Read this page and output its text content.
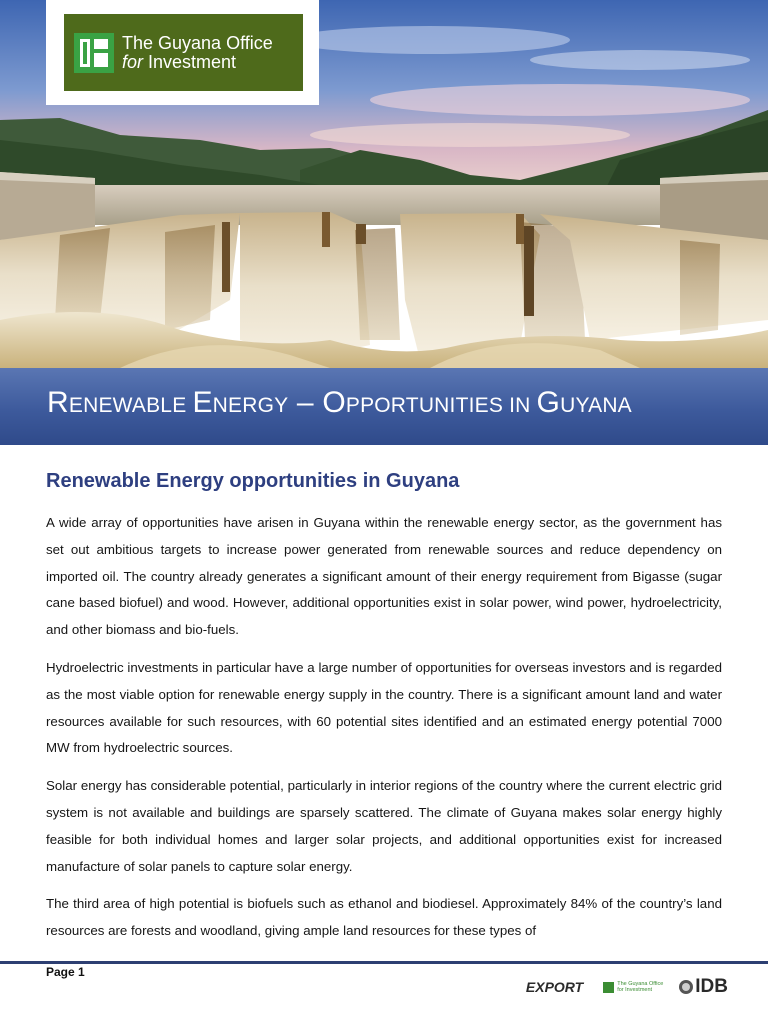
The Guyana Office
for Investment
RENEWABLE ENERGY – OPPORTUNITIES IN GUYANA
Renewable Energy opportunities in Guyana

A wide array of opportunities have arisen in Guyana within the renewable energy sector, as the government has set out ambitious targets to increase power generated from renewable sources and reduce dependency on imported oil. The country already generates a significant amount of their energy requirement from Bigasse (sugar cane based biofuel) and wood. However, additional opportunities exist in solar power, wind power, hydroelectricity, and other biomass and bio-fuels.

Hydroelectric investments in particular have a large number of opportunities for overseas investors and is regarded as the most viable option for renewable energy supply in the country. There is a significant amount land and water resources available for such resources, with 60 potential sites identified and an estimated energy potential 7000 MW from hydroelectric sources.

Solar energy has considerable potential, particularly in interior regions of the country where the current electric grid system is not available and buildings are sparsely scattered. The climate of Guyana makes solar energy highly feasible for both individual homes and larger solar projects, and additional opportunities exist for increased manufacture of solar panels to capture solar energy.

The third area of high potential is biofuels such as ethanol and biodiesel. Approximately 84% of the country’s land resources are forests and woodland, giving ample land resources for these types of

Page 1
EXPORT	The Guyana Office
for Investment	IDB
